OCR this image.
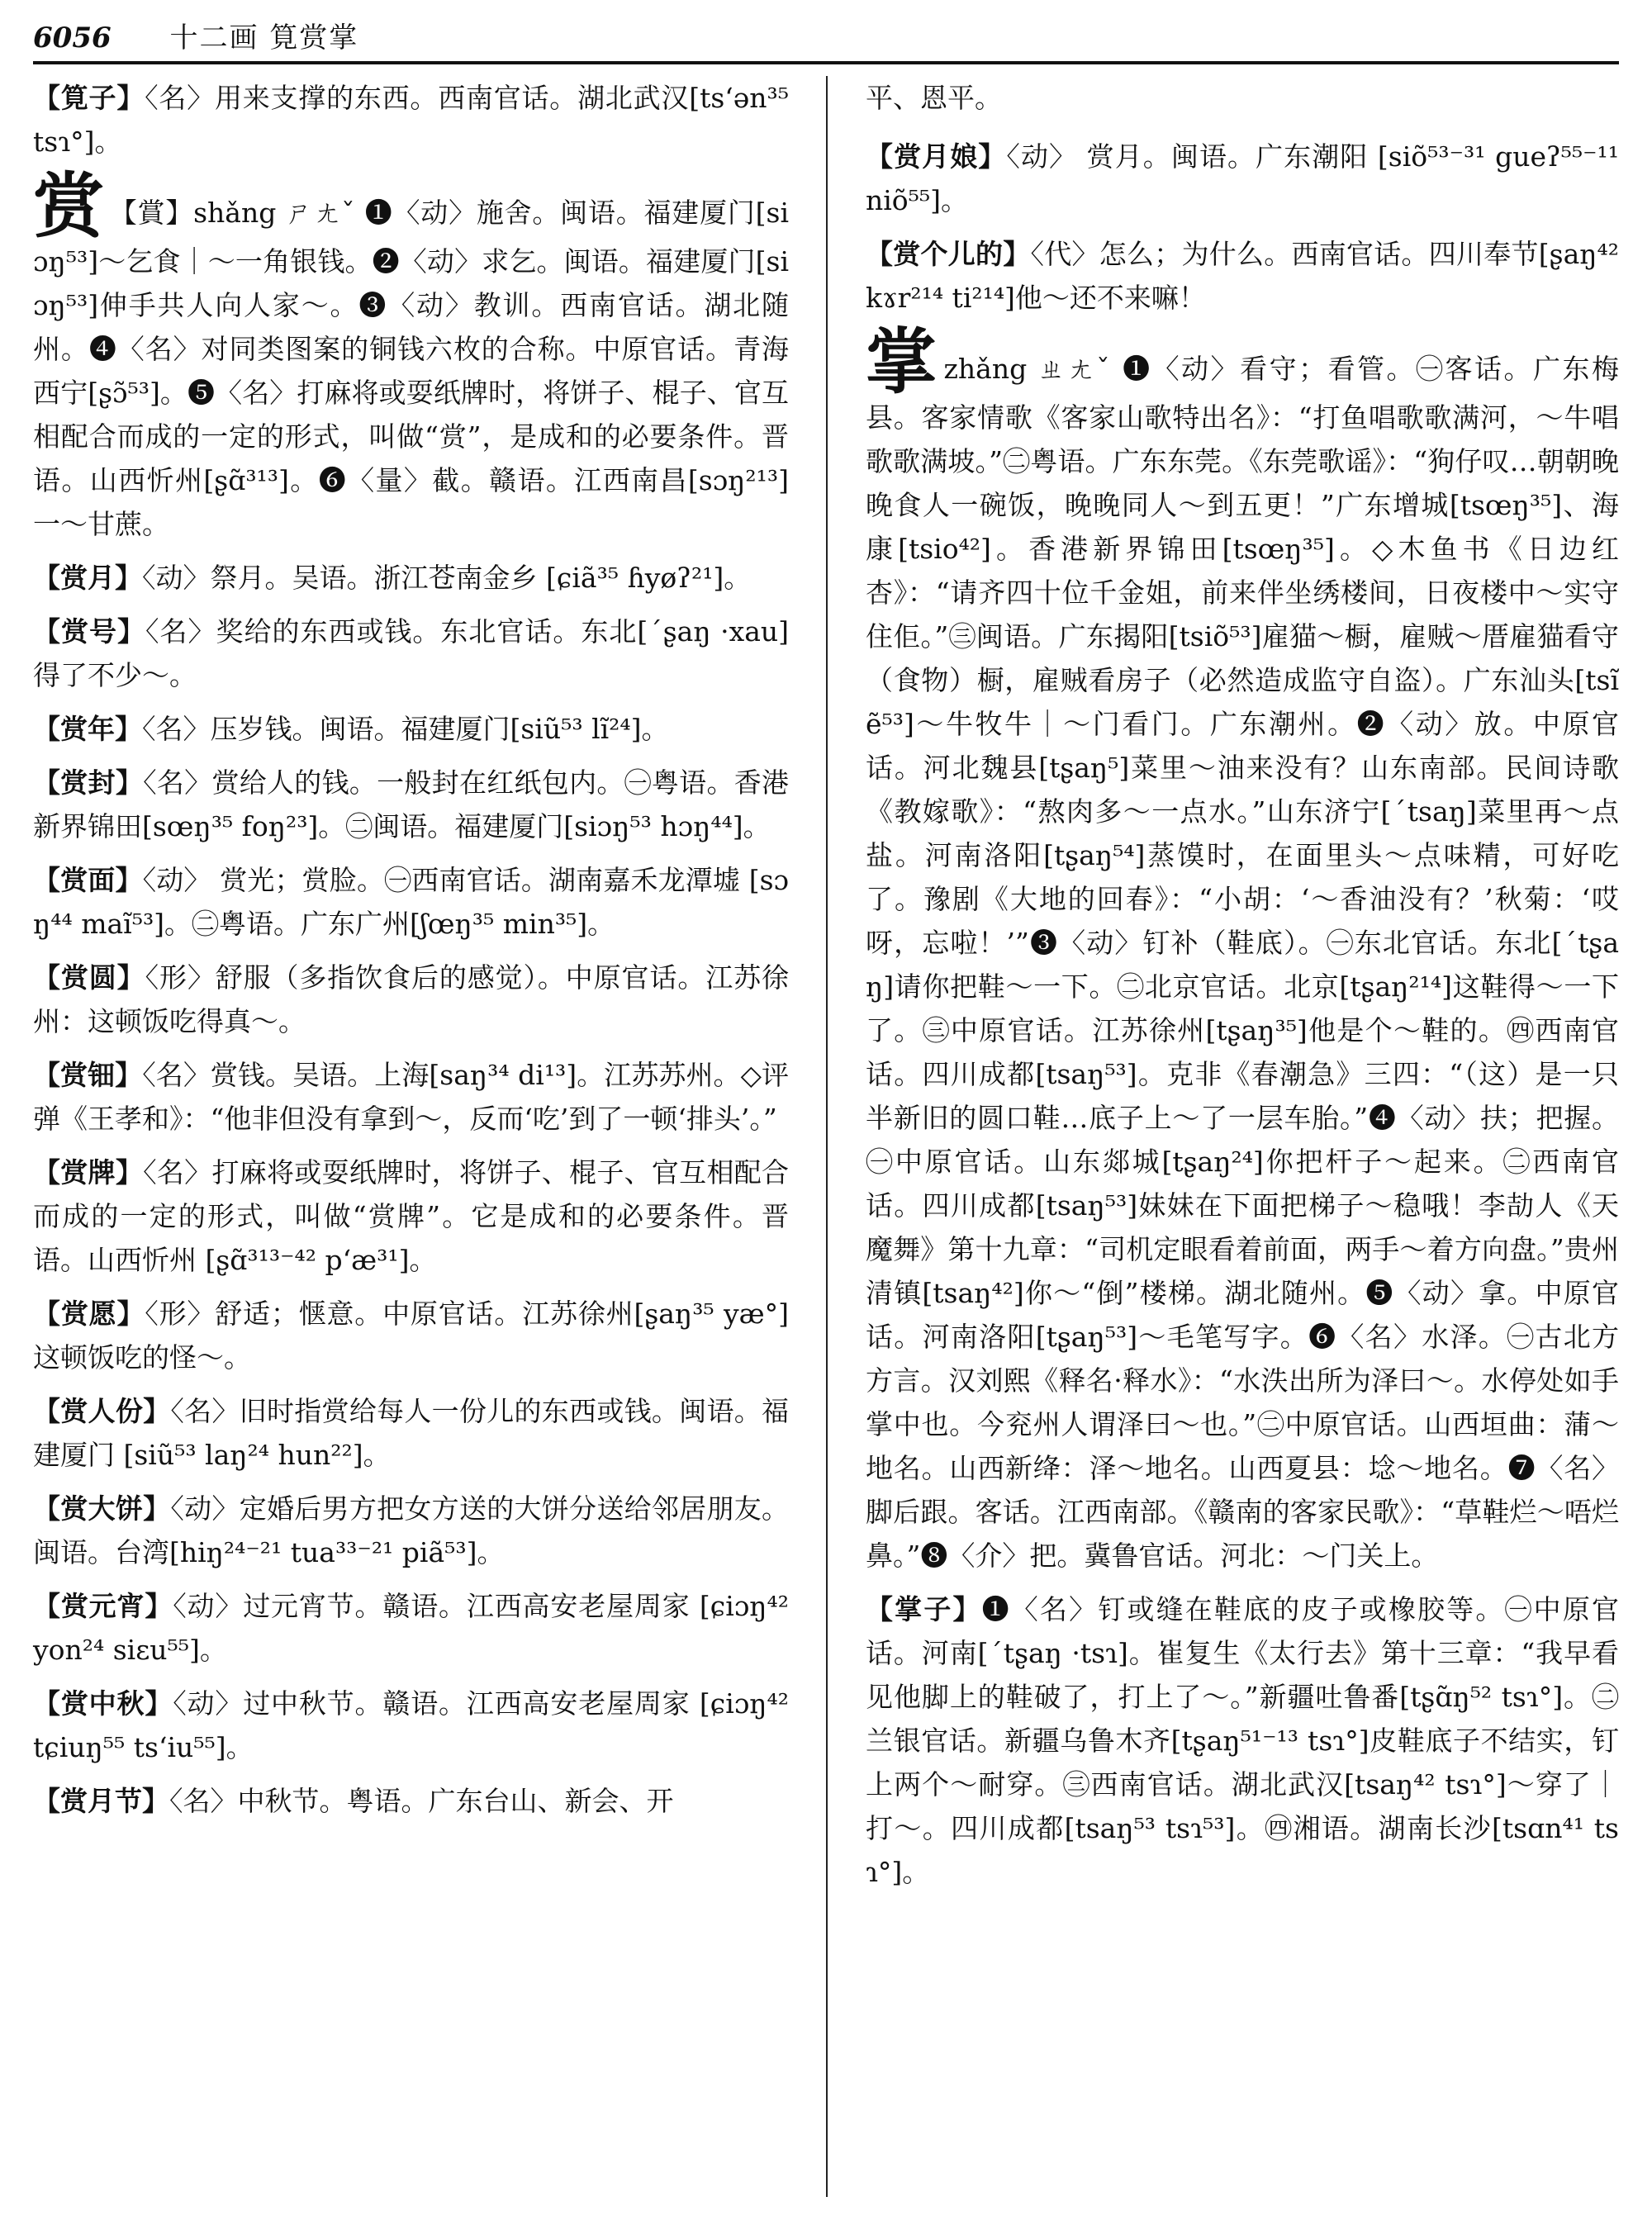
6056 十二画 筧赏掌

【筧子】〈名〉用来支撑的东西。西南官话。湖北武汉[ts‘ən³⁵ tsɿ°]。

赏 【賞】shǎng ㄕㄤˇ ❶〈动〉施舍。闽语。福建厦门[siɔŋ⁵³]～乞食｜～一角银钱。❷〈动〉求乞。闽语。福建厦门[siɔŋ⁵³]伸手共人向人家～。❸〈动〉教训。西南官话。湖北随州。❹〈名〉对同类图案的铜钱六枚的合称。中原官话。青海西宁[ʂɔ̃⁵³]。❺〈名〉打麻将或耍纸牌时，将饼子、棍子、官互相配合而成的一定的形式，叫做“赏”，是成和的必要条件。晋语。山西忻州[ʂɑ̃³¹³]。❻〈量〉截。赣语。江西南昌[sɔŋ²¹³]一～甘蔗。

【赏月】〈动〉祭月。吴语。浙江苍南金乡 [ɕiã³⁵ ɦyøʔ²¹]。

【赏号】〈名〉奖给的东西或钱。东北官话。东北[ˊʂaŋ ·xau]得了不少～。

【赏年】〈名〉压岁钱。闽语。福建厦门[siũ⁵³ lĩ²⁴]。

【赏封】〈名〉赏给人的钱。一般封在红纸包内。㊀粤语。香港新界锦田[sœŋ³⁵ foŋ²³]。㊁闽语。福建厦门[siɔŋ⁵³ hɔŋ⁴⁴]。

【赏面】〈动〉 赏光；赏脸。㊀西南官话。湖南嘉禾龙潭墟 [sɔŋ⁴⁴ maĩ⁵³]。㊁粤语。广东广州[ʃœŋ³⁵ min³⁵]。

【赏圆】〈形〉舒服（多指饮食后的感觉）。中原官话。江苏徐州：这顿饭吃得真～。

【赏钿】〈名〉赏钱。吴语。上海[saŋ³⁴ di¹³]。江苏苏州。◇评弹《王孝和》：“他非但没有拿到～，反而‘吃’到了一顿‘排头’。”

【赏牌】〈名〉打麻将或耍纸牌时，将饼子、棍子、官互相配合而成的一定的形式，叫做“赏牌”。它是成和的必要条件。晋语。山西忻州 [ʂɑ̃³¹³⁻⁴² p‘æ³¹]。

【赏愿】〈形〉舒适；惬意。中原官话。江苏徐州[ʂaŋ³⁵ yæ°]这顿饭吃的怪～。

【赏人份】〈名〉旧时指赏给每人一份儿的东西或钱。闽语。福建厦门 [siũ⁵³ laŋ²⁴ hun²²]。

【赏大饼】〈动〉定婚后男方把女方送的大饼分送给邻居朋友。闽语。台湾[hiŋ²⁴⁻²¹ tua³³⁻²¹ piã⁵³]。

【赏元宵】〈动〉过元宵节。赣语。江西高安老屋周家 [ɕiɔŋ⁴² yon²⁴ siɛu⁵⁵]。

【赏中秋】〈动〉过中秋节。赣语。江西高安老屋周家 [ɕiɔŋ⁴² tɕiuŋ⁵⁵ ts‘iu⁵⁵]。

【赏月节】〈名〉中秋节。粤语。广东台山、新会、开

平、恩平。

【赏月娘】〈动〉 赏月。闽语。广东潮阳 [siõ⁵³⁻³¹ gueʔ⁵⁵⁻¹¹ niõ⁵⁵]。

【赏个儿的】〈代〉怎么；为什么。西南官话。四川奉节[ʂaŋ⁴² kɤr²¹⁴ ti²¹⁴]他～还不来嘛！

掌zhǎng ㄓㄤˇ ❶〈动〉看守；看管。㊀客话。广东梅县。客家情歌《客家山歌特出名》：“打鱼唱歌歌满河，～牛唱歌歌满坡。”㊁粤语。广东东莞。《东莞歌谣》：“狗仔叹…朝朝晚晚食人一碗饭，晚晚同人～到五更！”广东增城[tsœŋ³⁵]、海康[tsio⁴²]。香港新界锦田[tsœŋ³⁵]。◇木鱼书《日边红杏》：“请齐四十位千金姐，前来伴坐绣楼间，日夜楼中～实守住佢。”㊂闽语。广东揭阳[tsiõ⁵³]雇猫～橱，雇贼～厝雇猫看守（食物）橱，雇贼看房子（必然造成监守自盗）。广东汕头[tsĩẽ⁵³]～牛牧牛｜～门看门。广东潮州。❷〈动〉放。中原官话。河北魏县[tʂaŋ⁵]菜里～油来没有？山东南部。民间诗歌《教嫁歌》：“熬肉多～一点水。”山东济宁[ˊtsaŋ]菜里再～点盐。河南洛阳[tʂaŋ⁵⁴]蒸馍时，在面里头～点味精，可好吃了。豫剧《大地的回春》：“小胡：‘～香油没有？’秋菊：‘哎呀，忘啦！’”❸〈动〉钉补（鞋底）。㊀东北官话。东北[ˊtʂaŋ]请你把鞋～一下。㊁北京官话。北京[tʂaŋ²¹⁴]这鞋得～一下了。㊂中原官话。江苏徐州[tʂaŋ³⁵]他是个～鞋的。㊃西南官话。四川成都[tsaŋ⁵³]。克非《春潮急》三四：“（这）是一只半新旧的圆口鞋…底子上～了一层车胎。”❹〈动〉扶；把握。㊀中原官话。山东郯城[tʂaŋ²⁴]你把杆子～起来。㊁西南官话。四川成都[tsaŋ⁵³]妹妹在下面把梯子～稳哦！李劼人《天魔舞》第十九章：“司机定眼看着前面，两手～着方向盘。”贵州清镇[tsaŋ⁴²]你～“倒”楼梯。湖北随州。❺〈动〉拿。中原官话。河南洛阳[tʂaŋ⁵³]～毛笔写字。❻〈名〉水泽。㊀古北方方言。汉刘熙《释名·释水》：“水泆出所为泽曰～。水停处如手掌中也。今兖州人谓泽曰～也。”㊁中原官话。山西垣曲：蒲～地名。山西新绛：泽～地名。山西夏县：埝～地名。❼〈名〉脚后跟。客话。江西南部。《赣南的客家民歌》：“草鞋烂～唔烂鼻。”❽〈介〉把。冀鲁官话。河北：～门关上。

【掌子】❶〈名〉钉或缝在鞋底的皮子或橡胶等。㊀中原官话。河南[ˊtʂaŋ ·tsɿ]。崔复生《太行去》第十三章：“我早看见他脚上的鞋破了，打上了～。”新疆吐鲁番[tʂɑ̃ŋ⁵² tsɿ°]。㊁兰银官话。新疆乌鲁木齐[tʂaŋ⁵¹⁻¹³ tsɿ°]皮鞋底子不结实，钉上两个～耐穿。㊂西南官话。湖北武汉[tsaŋ⁴² tsɿ°]～穿了｜打～。四川成都[tsaŋ⁵³ tsɿ⁵³]。㊃湘语。湖南长沙[tsɑn⁴¹ tsɿ°]。
